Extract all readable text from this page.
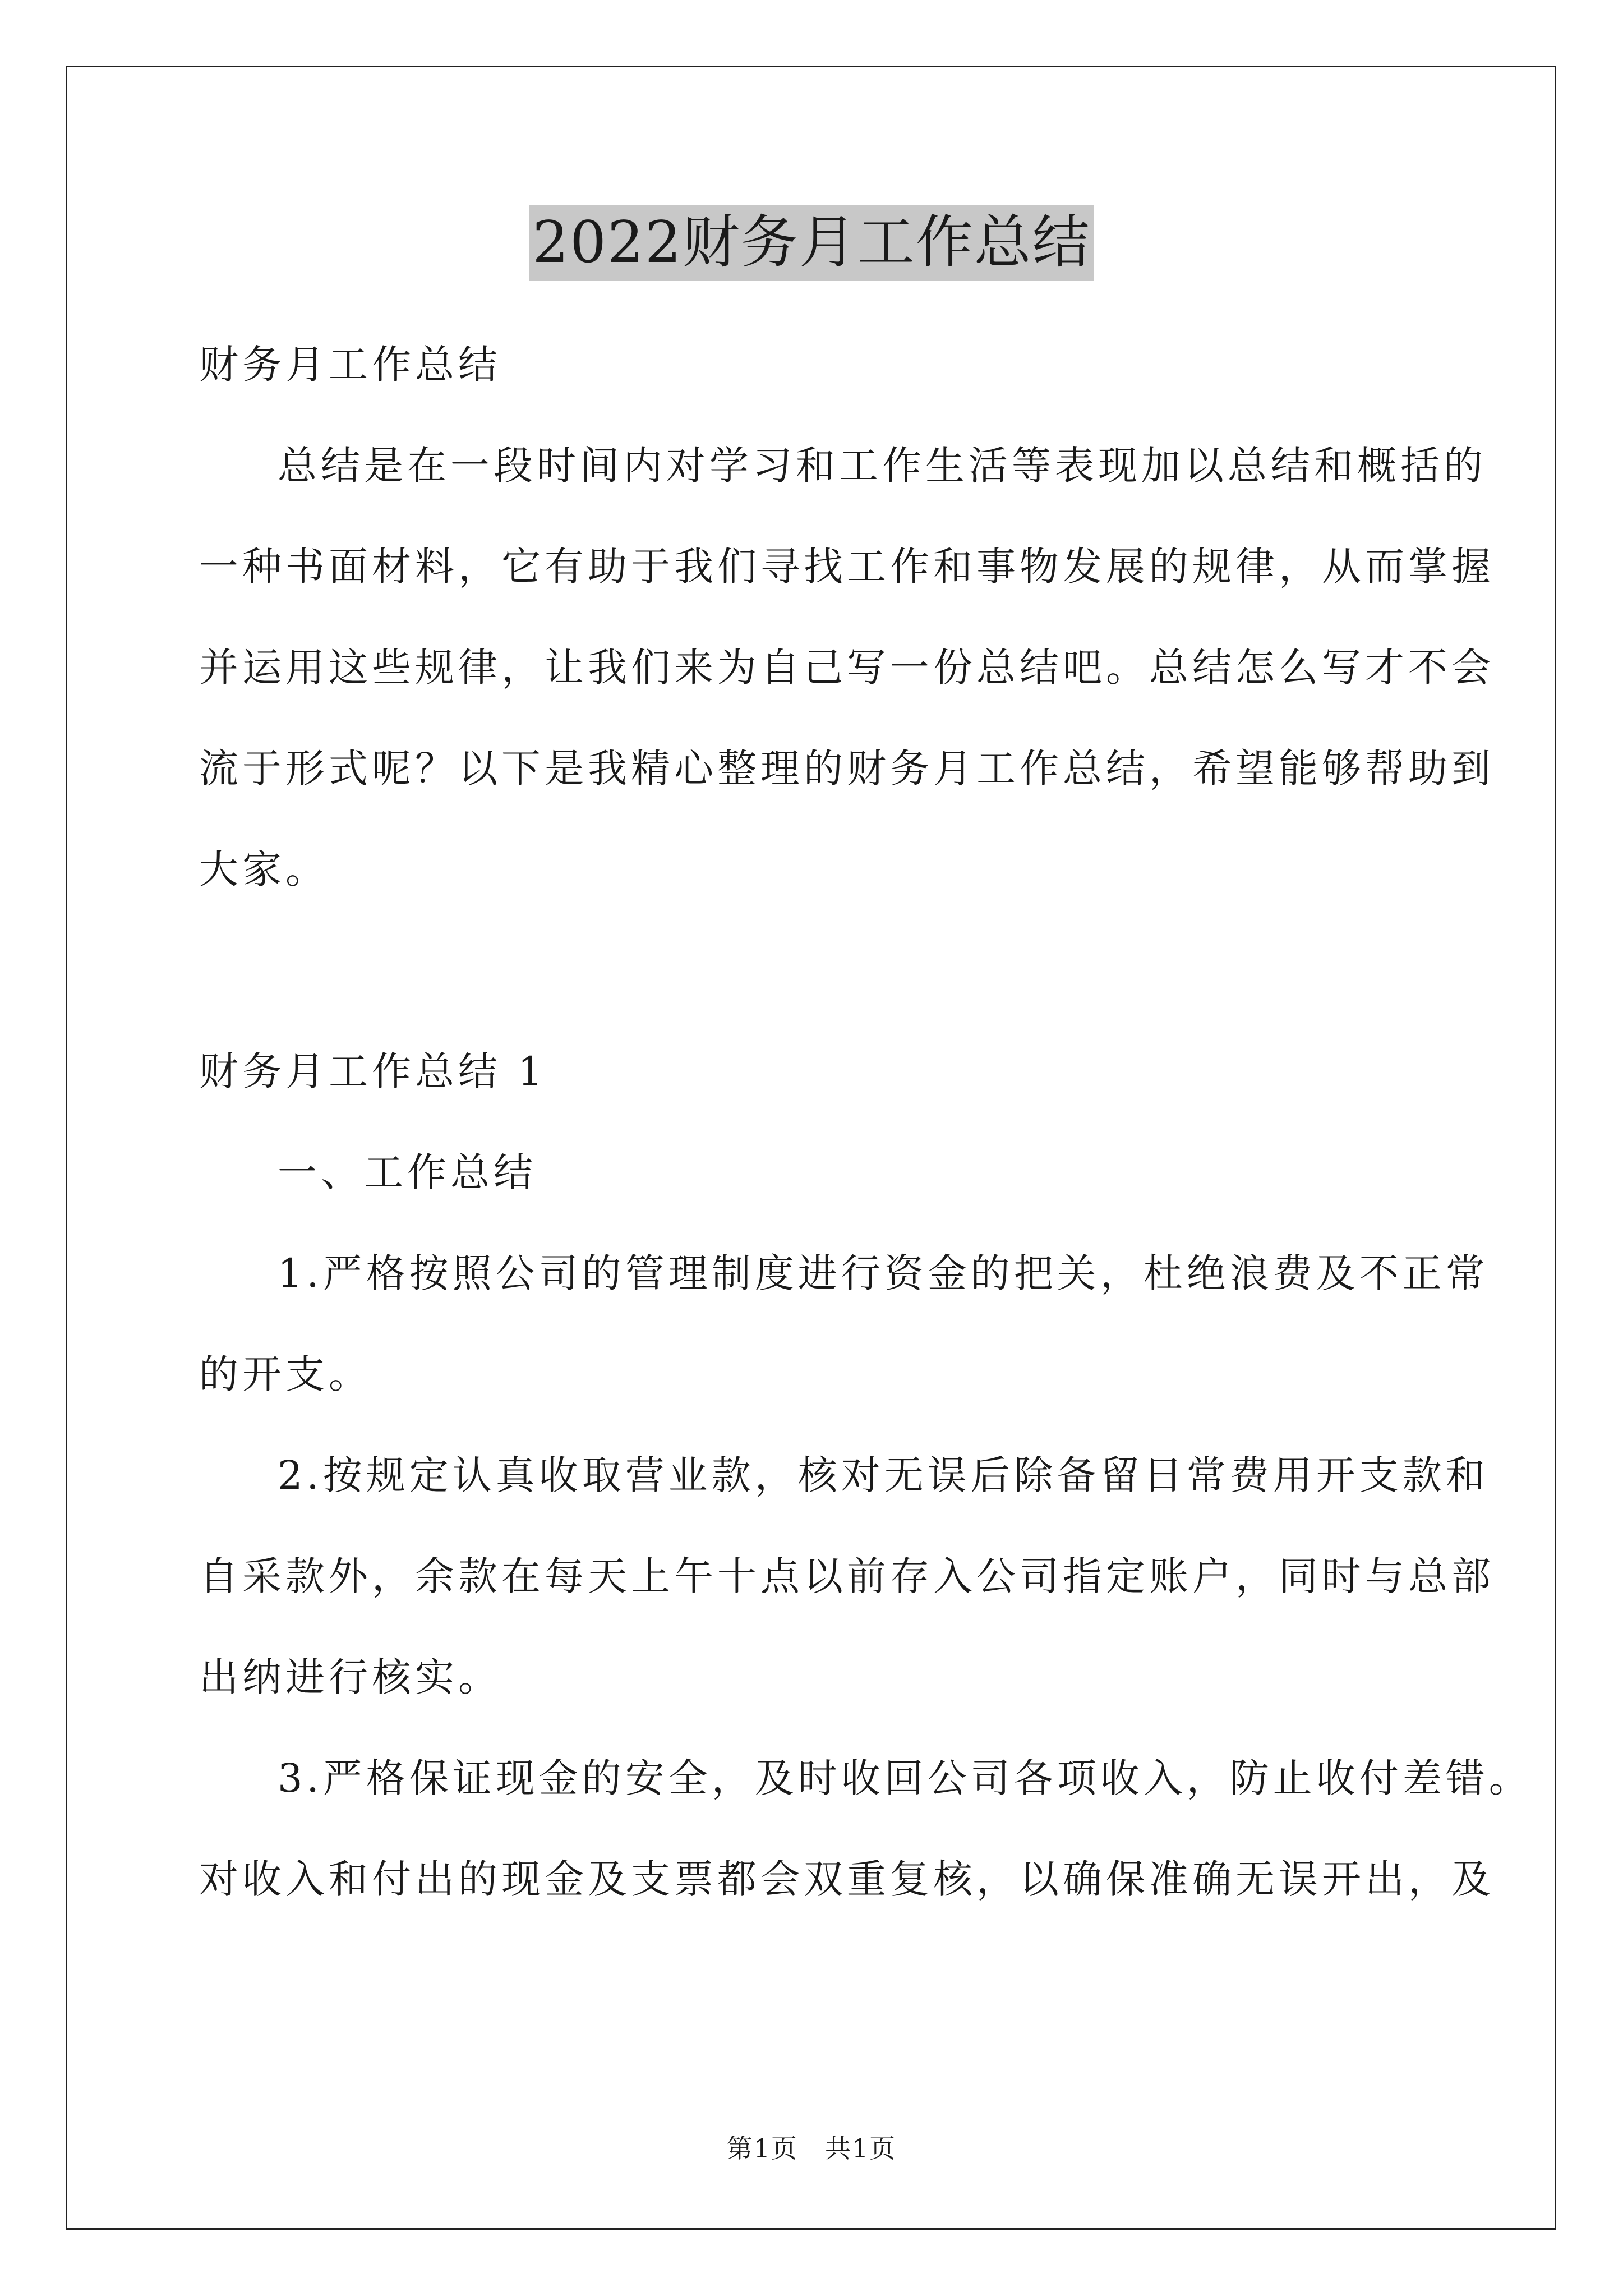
2022财务月工作总结
财务月工作总结
总结是在一段时间内对学习和工作生活等表现加以总结和概括的
一种书面材料，它有助于我们寻找工作和事物发展的规律，从而掌握
并运用这些规律，让我们来为自己写一份总结吧。总结怎么写才不会
流于形式呢？以下是我精心整理的财务月工作总结，希望能够帮助到
大家。
财务月工作总结 1
一、工作总结
1.严格按照公司的管理制度进行资金的把关，杜绝浪费及不正常
的开支。
2.按规定认真收取营业款，核对无误后除备留日常费用开支款和
自采款外，余款在每天上午十点以前存入公司指定账户，同时与总部
出纳进行核实。
3.严格保证现金的安全，及时收回公司各项收入，防止收付差错。
对收入和付出的现金及支票都会双重复核，以确保准确无误开出，及
第1页　共1页
